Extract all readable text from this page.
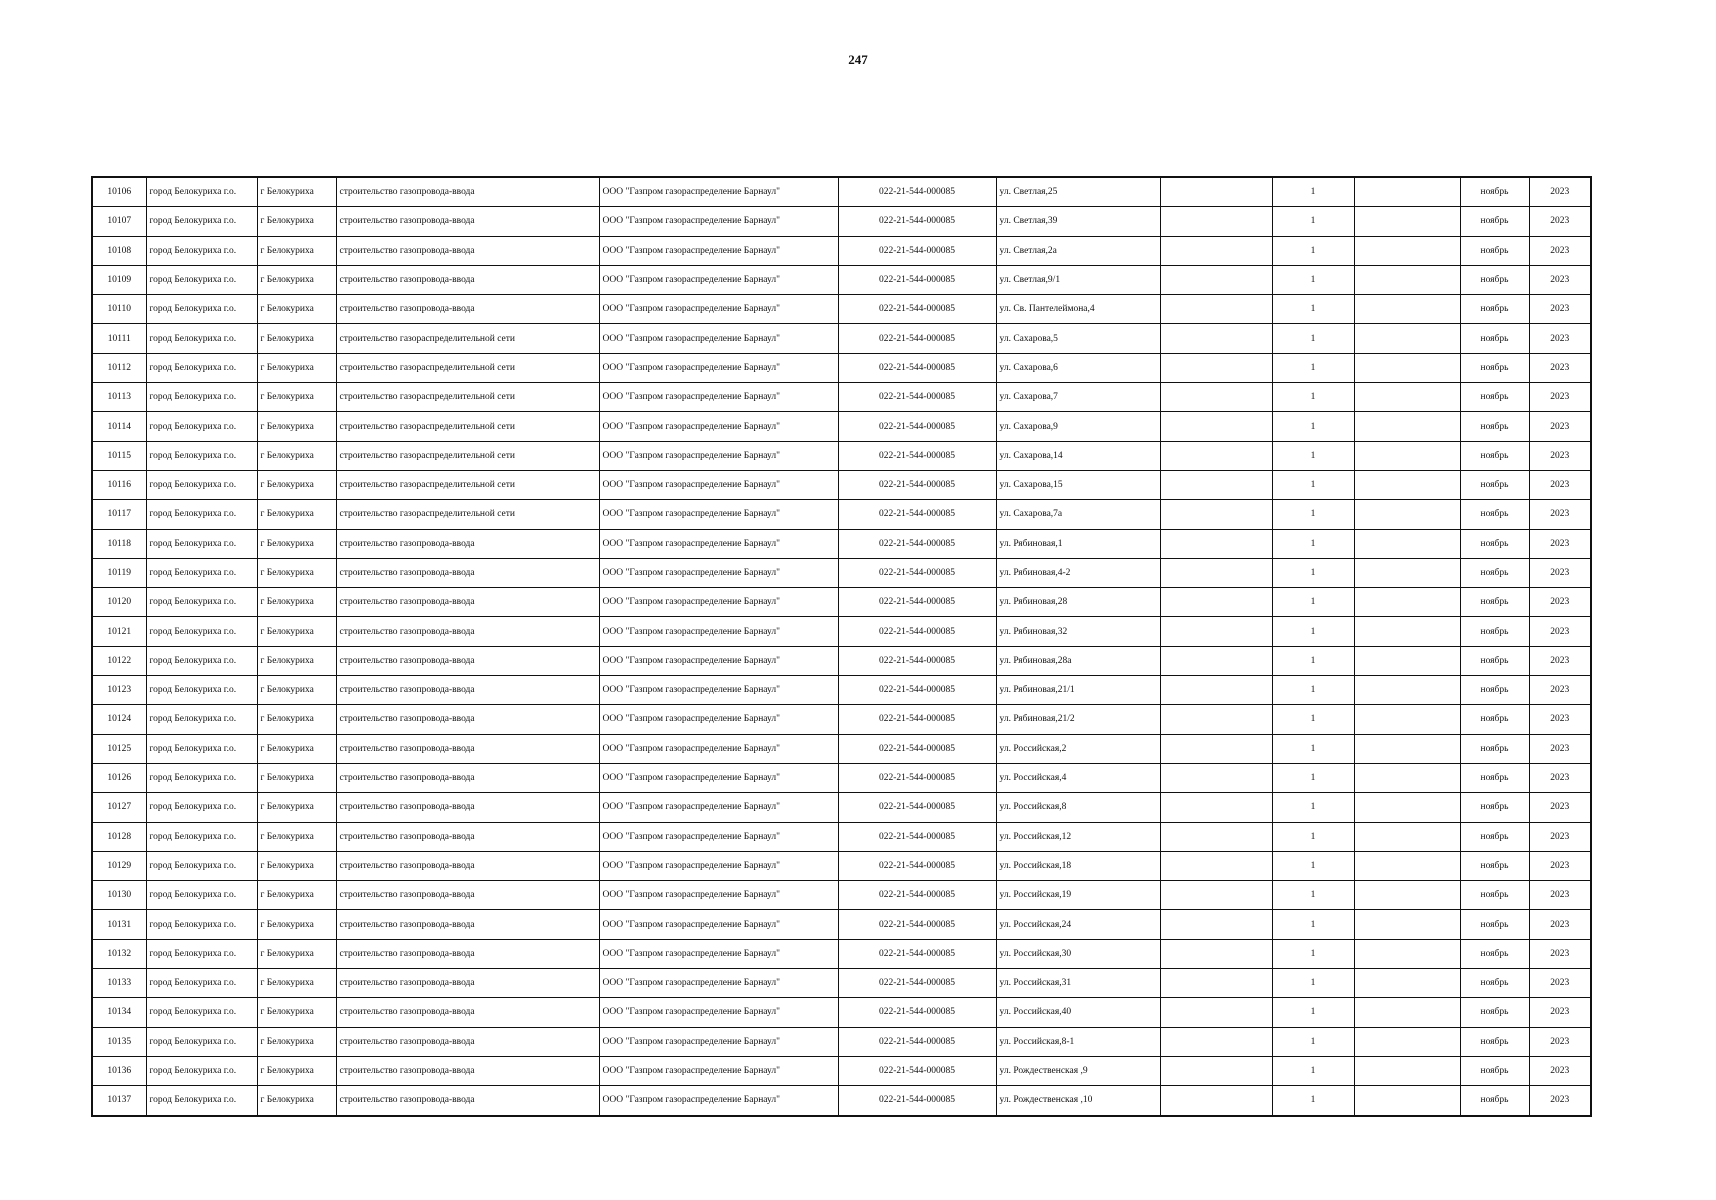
247
10106	город Белокуриха г.о.	г Белокуриха	строительство газопровода-ввода	ООО "Газпром газораспределение Барнаул"	022-21-544-000085	ул. Светлая,25		1		ноябрь	2023
10107	город Белокуриха г.о.	г Белокуриха	строительство газопровода-ввода	ООО "Газпром газораспределение Барнаул"	022-21-544-000085	ул. Светлая,39		1		ноябрь	2023
10108	город Белокуриха г.о.	г Белокуриха	строительство газопровода-ввода	ООО "Газпром газораспределение Барнаул"	022-21-544-000085	ул. Светлая,2а		1		ноябрь	2023
10109	город Белокуриха г.о.	г Белокуриха	строительство газопровода-ввода	ООО "Газпром газораспределение Барнаул"	022-21-544-000085	ул. Светлая,9/1		1		ноябрь	2023
10110	город Белокуриха г.о.	г Белокуриха	строительство газопровода-ввода	ООО "Газпром газораспределение Барнаул"	022-21-544-000085	ул. Св. Пантелеймона,4		1		ноябрь	2023
10111	город Белокуриха г.о.	г Белокуриха	строительство газораспределительной сети	ООО "Газпром газораспределение Барнаул"	022-21-544-000085	ул. Сахарова,5		1		ноябрь	2023
10112	город Белокуриха г.о.	г Белокуриха	строительство газораспределительной сети	ООО "Газпром газораспределение Барнаул"	022-21-544-000085	ул. Сахарова,6		1		ноябрь	2023
10113	город Белокуриха г.о.	г Белокуриха	строительство газораспределительной сети	ООО "Газпром газораспределение Барнаул"	022-21-544-000085	ул. Сахарова,7		1		ноябрь	2023
10114	город Белокуриха г.о.	г Белокуриха	строительство газораспределительной сети	ООО "Газпром газораспределение Барнаул"	022-21-544-000085	ул. Сахарова,9		1		ноябрь	2023
10115	город Белокуриха г.о.	г Белокуриха	строительство газораспределительной сети	ООО "Газпром газораспределение Барнаул"	022-21-544-000085	ул. Сахарова,14		1		ноябрь	2023
10116	город Белокуриха г.о.	г Белокуриха	строительство газораспределительной сети	ООО "Газпром газораспределение Барнаул"	022-21-544-000085	ул. Сахарова,15		1		ноябрь	2023
10117	город Белокуриха г.о.	г Белокуриха	строительство газораспределительной сети	ООО "Газпром газораспределение Барнаул"	022-21-544-000085	ул. Сахарова,7а		1		ноябрь	2023
10118	город Белокуриха г.о.	г Белокуриха	строительство газопровода-ввода	ООО "Газпром газораспределение Барнаул"	022-21-544-000085	ул. Рябиновая,1		1		ноябрь	2023
10119	город Белокуриха г.о.	г Белокуриха	строительство газопровода-ввода	ООО "Газпром газораспределение Барнаул"	022-21-544-000085	ул. Рябиновая,4-2		1		ноябрь	2023
10120	город Белокуриха г.о.	г Белокуриха	строительство газопровода-ввода	ООО "Газпром газораспределение Барнаул"	022-21-544-000085	ул. Рябиновая,28		1		ноябрь	2023
10121	город Белокуриха г.о.	г Белокуриха	строительство газопровода-ввода	ООО "Газпром газораспределение Барнаул"	022-21-544-000085	ул. Рябиновая,32		1		ноябрь	2023
10122	город Белокуриха г.о.	г Белокуриха	строительство газопровода-ввода	ООО "Газпром газораспределение Барнаул"	022-21-544-000085	ул. Рябиновая,28а		1		ноябрь	2023
10123	город Белокуриха г.о.	г Белокуриха	строительство газопровода-ввода	ООО "Газпром газораспределение Барнаул"	022-21-544-000085	ул. Рябиновая,21/1		1		ноябрь	2023
10124	город Белокуриха г.о.	г Белокуриха	строительство газопровода-ввода	ООО "Газпром газораспределение Барнаул"	022-21-544-000085	ул. Рябиновая,21/2		1		ноябрь	2023
10125	город Белокуриха г.о.	г Белокуриха	строительство газопровода-ввода	ООО "Газпром газораспределение Барнаул"	022-21-544-000085	ул. Российская,2		1		ноябрь	2023
10126	город Белокуриха г.о.	г Белокуриха	строительство газопровода-ввода	ООО "Газпром газораспределение Барнаул"	022-21-544-000085	ул. Российская,4		1		ноябрь	2023
10127	город Белокуриха г.о.	г Белокуриха	строительство газопровода-ввода	ООО "Газпром газораспределение Барнаул"	022-21-544-000085	ул. Российская,8		1		ноябрь	2023
10128	город Белокуриха г.о.	г Белокуриха	строительство газопровода-ввода	ООО "Газпром газораспределение Барнаул"	022-21-544-000085	ул. Российская,12		1		ноябрь	2023
10129	город Белокуриха г.о.	г Белокуриха	строительство газопровода-ввода	ООО "Газпром газораспределение Барнаул"	022-21-544-000085	ул. Российская,18		1		ноябрь	2023
10130	город Белокуриха г.о.	г Белокуриха	строительство газопровода-ввода	ООО "Газпром газораспределение Барнаул"	022-21-544-000085	ул. Российская,19		1		ноябрь	2023
10131	город Белокуриха г.о.	г Белокуриха	строительство газопровода-ввода	ООО "Газпром газораспределение Барнаул"	022-21-544-000085	ул. Российская,24		1		ноябрь	2023
10132	город Белокуриха г.о.	г Белокуриха	строительство газопровода-ввода	ООО "Газпром газораспределение Барнаул"	022-21-544-000085	ул. Российская,30		1		ноябрь	2023
10133	город Белокуриха г.о.	г Белокуриха	строительство газопровода-ввода	ООО "Газпром газораспределение Барнаул"	022-21-544-000085	ул. Российская,31		1		ноябрь	2023
10134	город Белокуриха г.о.	г Белокуриха	строительство газопровода-ввода	ООО "Газпром газораспределение Барнаул"	022-21-544-000085	ул. Российская,40		1		ноябрь	2023
10135	город Белокуриха г.о.	г Белокуриха	строительство газопровода-ввода	ООО "Газпром газораспределение Барнаул"	022-21-544-000085	ул. Российская,8-1		1		ноябрь	2023
10136	город Белокуриха г.о.	г Белокуриха	строительство газопровода-ввода	ООО "Газпром газораспределение Барнаул"	022-21-544-000085	ул. Рождественская ,9		1		ноябрь	2023
10137	город Белокуриха г.о.	г Белокуриха	строительство газопровода-ввода	ООО "Газпром газораспределение Барнаул"	022-21-544-000085	ул. Рождественская ,10		1		ноябрь	2023
